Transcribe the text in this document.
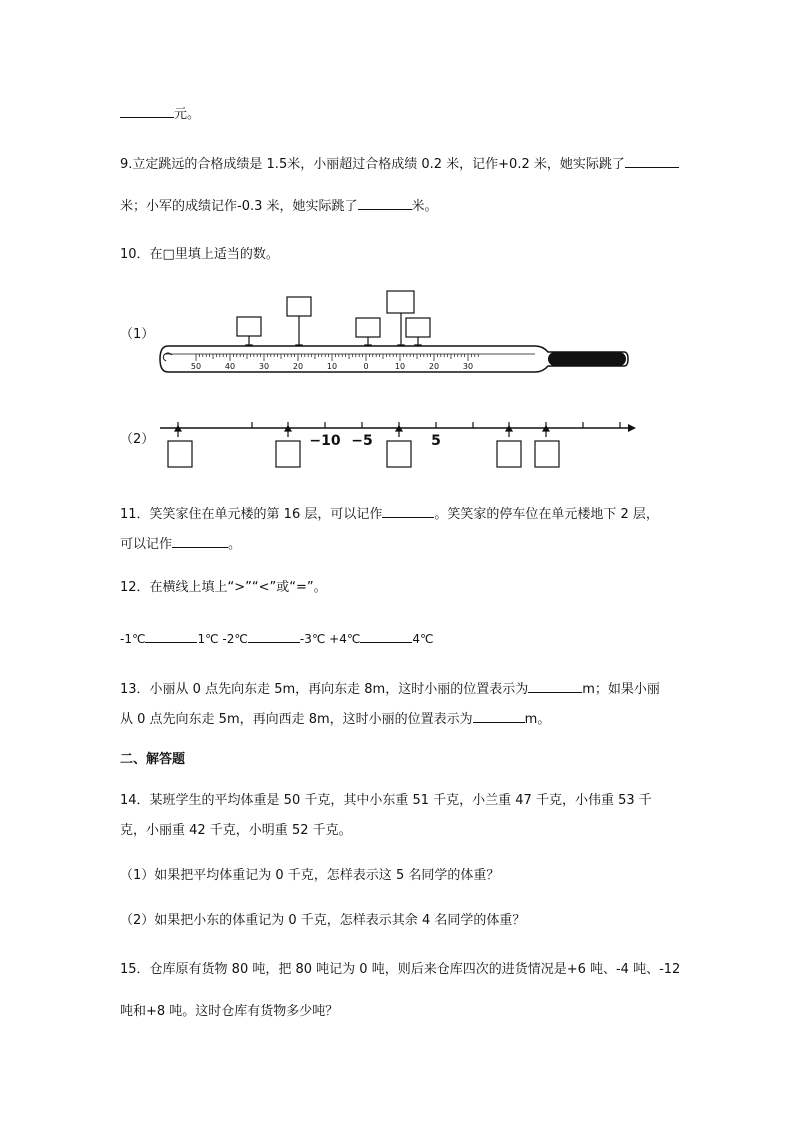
元。
9.立定跳远的合格成绩是 1.5米，小丽超过合格成绩 0.2 米，记作+0.2 米，她实际跳了
米；小军的成绩记作-0.3 米，她实际跳了	米。
10．在□里填上适当的数。
（1）
50	40	30	20	10	0	10	20	30
（2）	−10 −5	5
11．笑笑家住在单元楼的第 16 层，可以记作	。笑笑家的停车位在单元楼地下 2 层，
可以记作	。
12．在横线上填上“>”“<”或“=”。
-1℃	1℃ -2℃	-3℃ +4℃	4℃
13．小丽从 0 点先向东走 5m，再向东走 8m，这时小丽的位置表示为	m；如果小丽
从 0 点先向东走 5m，再向西走 8m，这时小丽的位置表示为	m。
二、解答题
14．某班学生的平均体重是 50 千克，其中小东重 51 千克，小兰重 47 千克，小伟重 53 千
克，小丽重 42 千克，小明重 52 千克。
（1）如果把平均体重记为 0 千克，怎样表示这 5 名同学的体重？
（2）如果把小东的体重记为 0 千克，怎样表示其余 4 名同学的体重？
15．仓库原有货物 80 吨，把 80 吨记为 0 吨，则后来仓库四次的进货情况是+6 吨、-4 吨、-12
吨和+8 吨。这时仓库有货物多少吨？
